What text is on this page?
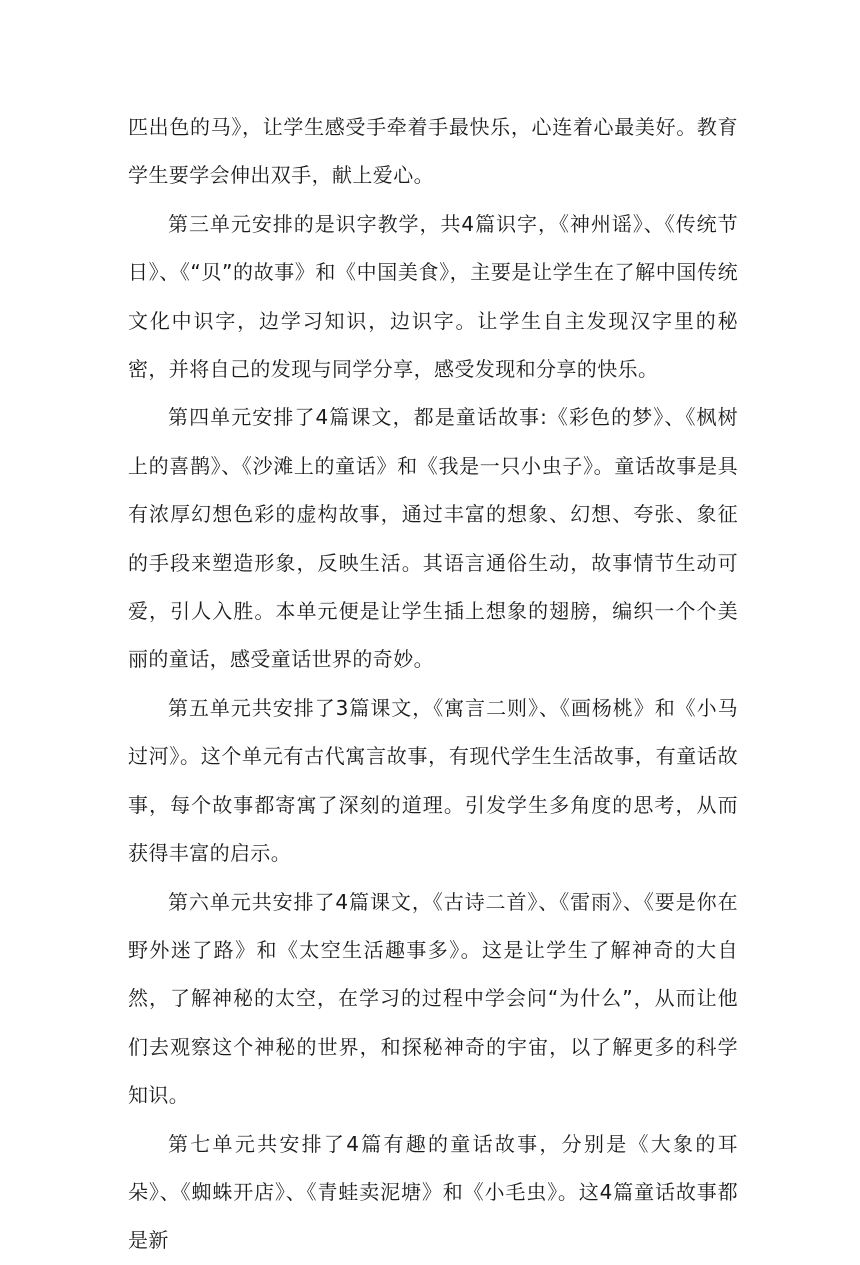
匹出色的马》，让学生感受手牵着手最快乐，心连着心最美好。教育学生要学会伸出双手，献上爱心。

第三单元安排的是识字教学，共4篇识字，《神州谣》、《传统节日》、《“贝”的故事》和《中国美食》，主要是让学生在了解中国传统文化中识字，边学习知识，边识字。让学生自主发现汉字里的秘密，并将自己的发现与同学分享，感受发现和分享的快乐。

第四单元安排了4篇课文，都是童话故事:《彩色的梦》、《枫树上的喜鹊》、《沙滩上的童话》和《我是一只小虫子》。童话故事是具有浓厚幻想色彩的虚构故事，通过丰富的想象、幻想、夸张、象征的手段来塑造形象，反映生活。其语言通俗生动，故事情节生动可爱，引人入胜。本单元便是让学生插上想象的翅膀，编织一个个美丽的童话，感受童话世界的奇妙。

第五单元共安排了3篇课文，《寓言二则》、《画杨桃》和《小马过河》。这个单元有古代寓言故事，有现代学生生活故事，有童话故事，每个故事都寄寓了深刻的道理。引发学生多角度的思考，从而获得丰富的启示。

第六单元共安排了4篇课文，《古诗二首》、《雷雨》、《要是你在野外迷了路》和《太空生活趣事多》。这是让学生了解神奇的大自然，了解神秘的太空，在学习的过程中学会问“为什么”，从而让他们去观察这个神秘的世界，和探秘神奇的宇宙，以了解更多的科学知识。

第七单元共安排了4篇有趣的童话故事，分别是《大象的耳朵》、《蜘蛛开店》、《青蛙卖泥塘》和《小毛虫》。这4篇童话故事都是新
